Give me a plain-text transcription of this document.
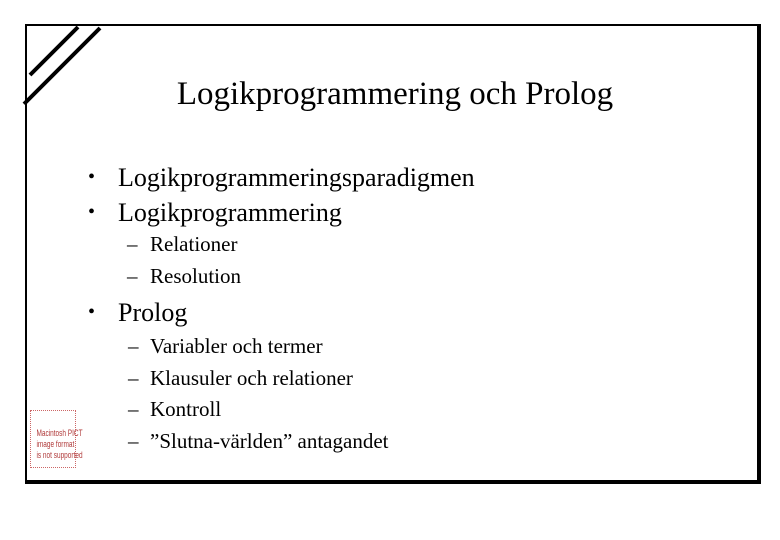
Logikprogrammering och Prolog
• Logikprogrammeringsparadigmen
• Logikprogrammering
– Relationer
– Resolution
• Prolog
– Variabler och termer
– Klausuler och relationer
– Kontroll
– ”Slutna-världen” antagandet
Macintosh PICT
image format
is not supported
